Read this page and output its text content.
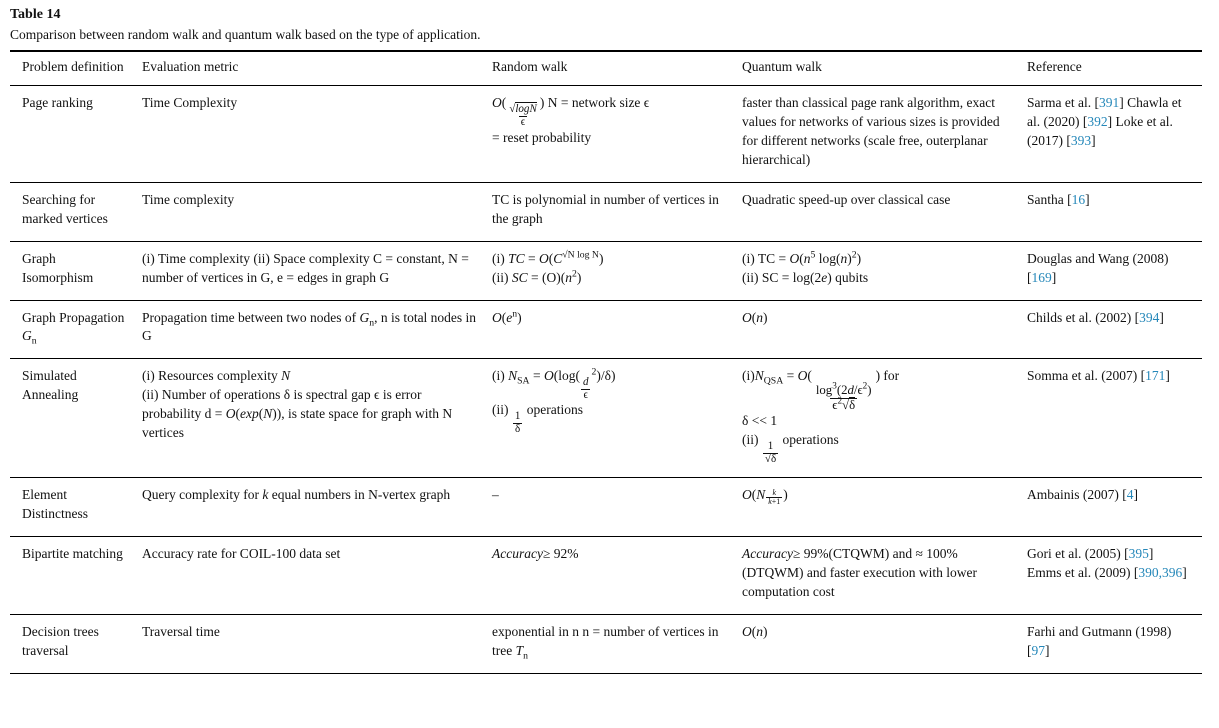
Table 14

Comparison between random walk and quantum walk based on the type of application.

Problem definition	Evaluation metric	Random walk	Quantum walk	Reference
Page ranking	Time Complexity	O(
$\frac{√\log N}{\epsilon}$
) N = network size ϵ
= reset probability	faster than classical page rank algorithm, exact values for networks of various sizes is provided for different networks (scale free, outerplanar hierarchical)	Sarma et al. [391] Chawla et al. (2020) [392] Loke et al. (2017) [393]
Searching for marked vertices	Time complexity	TC is polynomial in number of vertices in the graph	Quadratic speed-up over classical case	Santha [16]
Graph Isomorphism	(i) Time complexity (ii) Space complexity C = constant, N = number of vertices in G, e = edges in graph G	(i) TC = $O(C^{√N log N})$
(ii) SC = $(O)(n^2)$	(i) TC = $O(n^5$ $\log(n)^2$)
(ii) SC = log(2e) qubits	Douglas and Wang (2008) [169]
Graph Propagation $G_n$	Propagation time between two nodes of $G_n$, n is total nodes in G	$O(e^n)$	O(n)	Childs et al. (2002) [394]
Simulated Annealing	(i) Resources complexity N
(ii) Number of operations δ is spectral gap ϵ is error probability d = O(exp(N)), is state space for graph with N vertices	(i) $N_{SA} = O(\log$(
$\frac{d}{\epsilon}$
$^2$)/δ)
(ii)
$\frac{1}{\delta}$
operations	$(i)N_{QSA} = O$(
$\frac{\log^3(2d/\epsilon^2)}{\epsilon^2√\delta}$
) for
δ << 1
(ii)
$\frac{1}{√\delta}$
operations	Somma et al. (2007) [171]
Element Distinctness	Query complexity for k equal numbers in N-vertex graph	–	O(N $^{\frac{k}{k+1}}$ )	Ambainis (2007) [4]
Bipartite matching	Accuracy rate for COIL-100 data set	Accuracy≥ 92%	Accuracy≥ 99%(CTQWM) and ≈ 100%(DTQWM) and faster execution with lower computation cost	Gori et al. (2005) [395] Emms et al. (2009) [390,396]
Decision trees traversal	Traversal time	exponential in n n = number of vertices in tree $T_n$	O(n)	Farhi and Gutmann (1998) [97]
